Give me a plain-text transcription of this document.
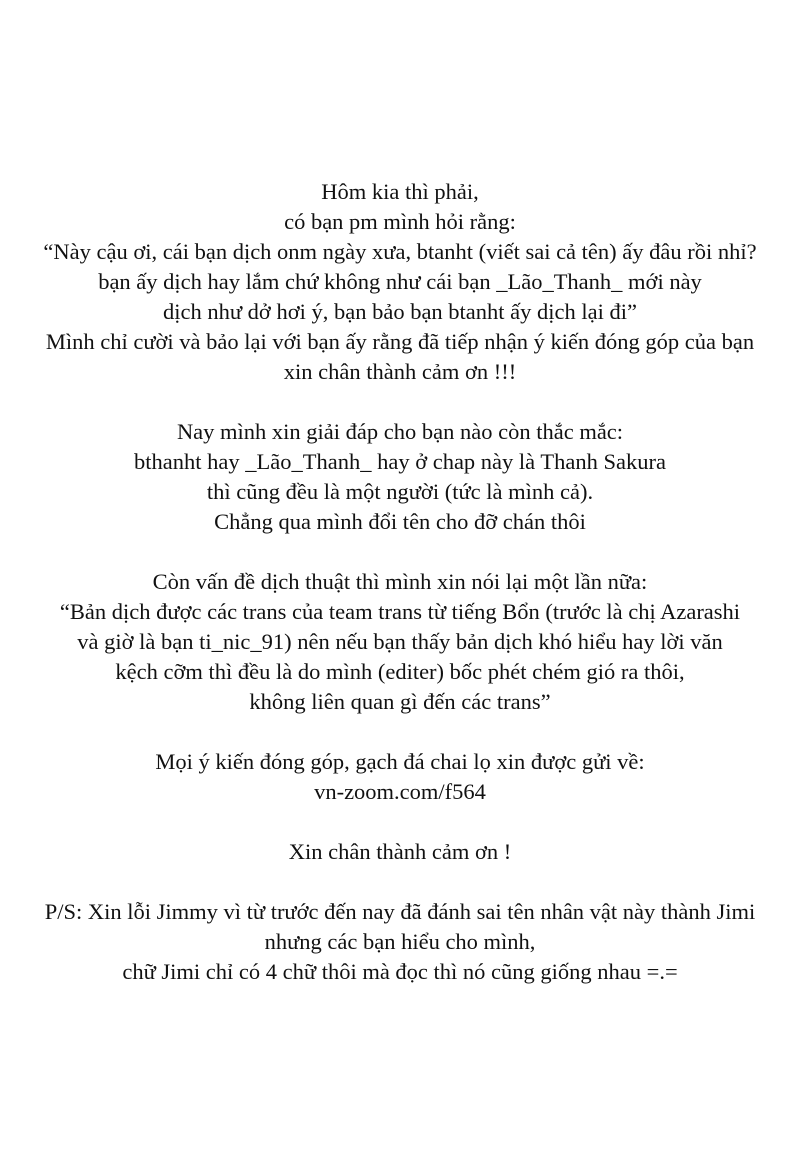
Hôm kia thì phải,
có bạn pm mình hỏi rằng:
“Này cậu ơi, cái bạn dịch onm ngày xưa, btanht (viết sai cả tên) ấy đâu rồi nhỉ?
bạn ấy dịch hay lắm chứ không như cái bạn _Lão_Thanh_ mới này
dịch như dở hơi ý, bạn bảo bạn btanht ấy dịch lại đi”
Mình chỉ cười và bảo lại với bạn ấy rằng đã tiếp nhận ý kiến đóng góp của bạn
xin chân thành cảm ơn !!!
Nay mình xin giải đáp cho bạn nào còn thắc mắc:
bthanht hay _Lão_Thanh_ hay ở chap này là Thanh Sakura
thì cũng đều là một người (tức là mình cả).
Chẳng qua mình đổi tên cho đỡ chán thôi
Còn vấn đề dịch thuật thì mình xin nói lại một lần nữa:
“Bản dịch được các trans của team trans từ tiếng Bổn (trước là chị Azarashi
và giờ là bạn ti_nic_91) nên nếu bạn thấy bản dịch khó hiểu hay lời văn
kệch cỡm thì đều là do mình (editer) bốc phét chém gió ra thôi,
không liên quan gì đến các trans”
Mọi ý kiến đóng góp, gạch đá chai lọ xin được gửi về:
vn-zoom.com/f564
Xin chân thành cảm ơn !
P/S: Xin lỗi Jimmy vì từ trước đến nay đã đánh sai tên nhân vật này thành Jimi
nhưng các bạn hiểu cho mình,
chữ Jimi chỉ có 4 chữ thôi mà đọc thì nó cũng giống nhau =.=
